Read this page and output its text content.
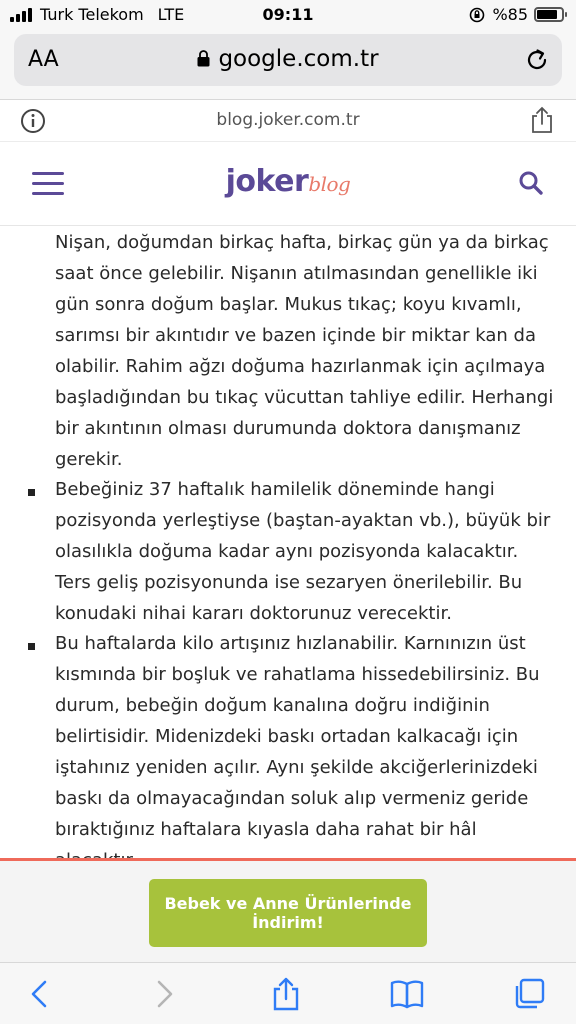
Turk Telekom LTE	09:11	%85
AA	google.com.tr
blog.joker.com.tr
jokerblog
Nişan, doğumdan birkaç hafta, birkaç gün ya da birkaç saat önce gelebilir. Nişanın atılmasından genellikle iki gün sonra doğum başlar. Mukus tıkaç; koyu kıvamlı, sarımsı bir akıntıdır ve bazen içinde bir miktar kan da olabilir. Rahim ağzı doğuma hazırlanmak için açılmaya başladığından bu tıkaç vücuttan tahliye edilir. Herhangi bir akıntının olması durumunda doktora danışmanız gerekir.
Bebeğiniz 37 haftalık hamilelik döneminde hangi pozisyonda yerleştiyse (baştan-ayaktan vb.), büyük bir olasılıkla doğuma kadar aynı pozisyonda kalacaktır. Ters geliş pozisyonunda ise sezaryen önerilebilir. Bu konudaki nihai kararı doktorunuz verecektir.
Bu haftalarda kilo artışınız hızlanabilir. Karnınızın üst kısmında bir boşluk ve rahatlama hissedebilirsiniz. Bu durum, bebeğin doğum kanalına doğru indiğinin belirtisidir. Midenizdeki baskı ortadan kalkacağı için iştahınız yeniden açılır. Aynı şekilde akciğerlerinizdeki baskı da olmayacağından soluk alıp vermeniz geride bıraktığınız haftalara kıyasla daha rahat bir hâl
Bebek ve Anne Ürünlerinde İndirim!
